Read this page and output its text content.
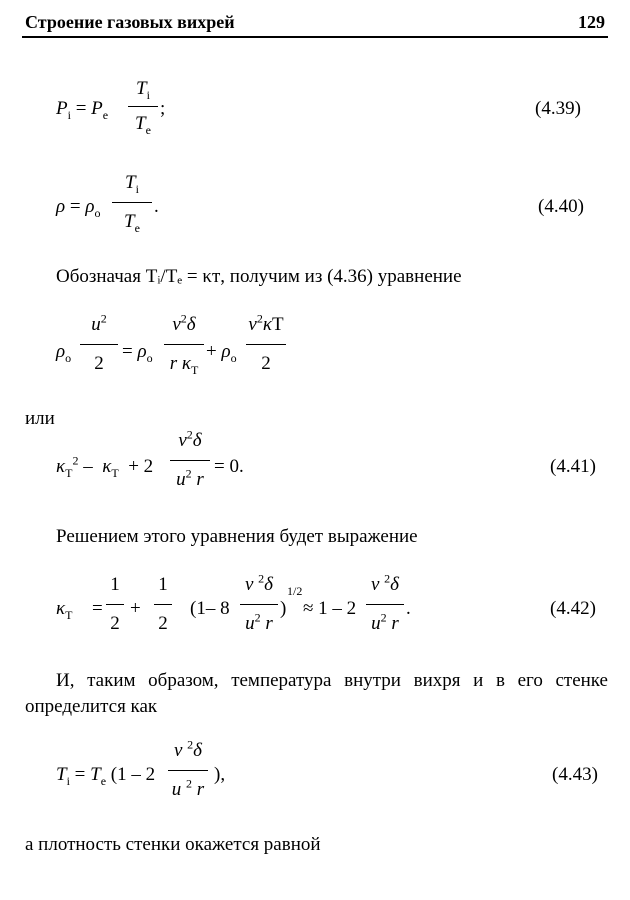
Строение газовых вихрей	129
$P_i = P_e$
$T_i$
$T_e$
;	(4.39)
$\rho = \rho_o$
$T_i$
$T_e$
.	(4.40)
Обозначая Tᵢ/Tₑ = κᴛ, получим из (4.36) уравнение
$\rho_o$
$u^2$
2
= $\rho_o$
$v^2\delta$
r $\kappa_T$
+ $\rho_o$
$v^2\kappa T$
2
или
$\kappa_T^2 - \kappa_T + 2$
$v^2\delta$
$u^2$ r
= 0.	(4.41)
Решением этого уравнения будет выражение
$\kappa_T$ =
1
2
+
1
2
(1– 8
v $^2$δ
$u^2$ r
)
1/2
≈ 1 – 2
v $^2$δ
$u^2$ r
.	(4.42)
И, таким образом, температура внутри вихря и в его стенке определится как
$T_i = T_e$ (1 – 2
v $^2$δ
u $^2$ r
),	(4.43)
а плотность стенки окажется равной
